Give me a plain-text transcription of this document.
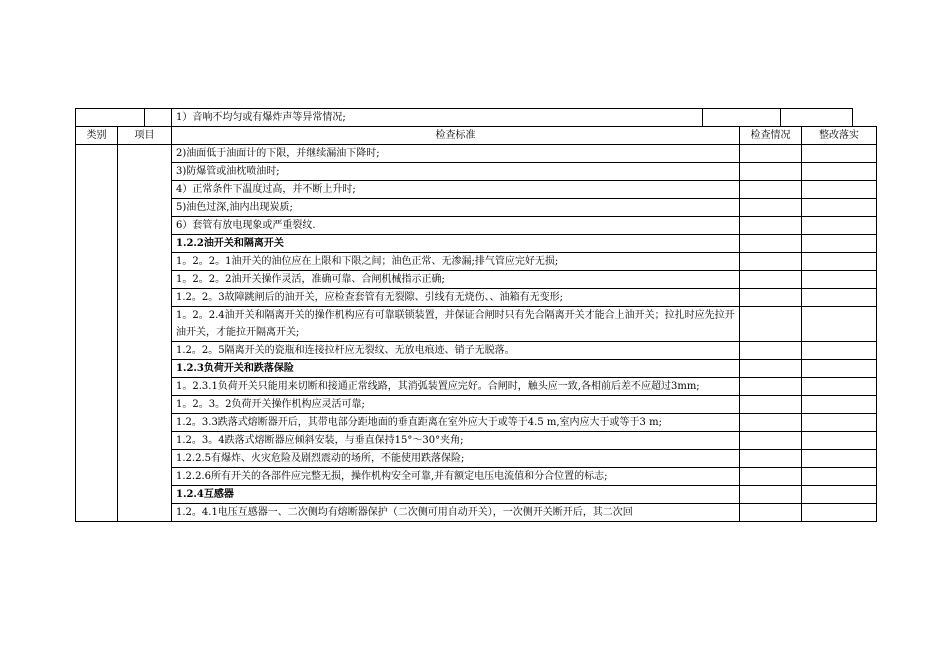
		1）音响不均匀或有爆炸声等异常情况;			
类别	项目	检查标准	检查情况	整改落实
		2)油面低于油面计的下限，并继续漏油下降时;		
		3)防爆管或油枕喷油时;		
		4）正常条件下温度过高，并不断上升时;		
		5)油色过深,油内出现炭质;		
		6）套管有放电现象或严重裂纹.		
		1.2.2油开关和隔离开关		
		1。2。2。1油开关的油位应在上限和下限之间；油色正常、无渗漏;排气管应完好无损;		
		1。2。2。2油开关操作灵活，准确可靠、合闸机械指示正确;		
		1.2。2。3故障跳闸后的油开关，应检查套管有无裂隙、引线有无烧伤、、油箱有无变形;		
		1。2。2.4油开关和隔离开关的操作机构应有可靠联锁装置，并保证合闸时只有先合隔离开关才能合上油开关；拉扎时应先拉开油开关，才能拉开隔离开关;		
		1.2。2。5隔离开关的瓷瓶和连接拉杆应无裂纹、无放电痕迹、销子无脱落。		
		1.2.3负荷开关和跌落保险		
		1。2.3.1负荷开关只能用来切断和接通正常线路，其消弧装置应完好。合闸时，触头应一致,各相前后差不应超过3mm;		
		1。2。3。2负荷开关操作机构应灵活可靠;		
		1.2。3.3跌落式熔断器开后，其带电部分距地面的垂直距离在室外应大于或等于4.5 m,室内应大于或等于3 m;		
		1.2。3。4跌落式熔断器应倾斜安装，与垂直保持15°～30°夹角;		
		1.2.2.5有爆炸、火灾危险及剧烈震动的场所，不能使用跌落保险;		
		1.2.2.6所有开关的各部件应完整无损，操作机构安全可靠,并有额定电压电流值和分合位置的标志;		
		1.2.4互感器		
		1.2。4.1电压互感器一、二次侧均有熔断器保护（二次侧可用自动开关），一次侧开关断开后，其二次回		
